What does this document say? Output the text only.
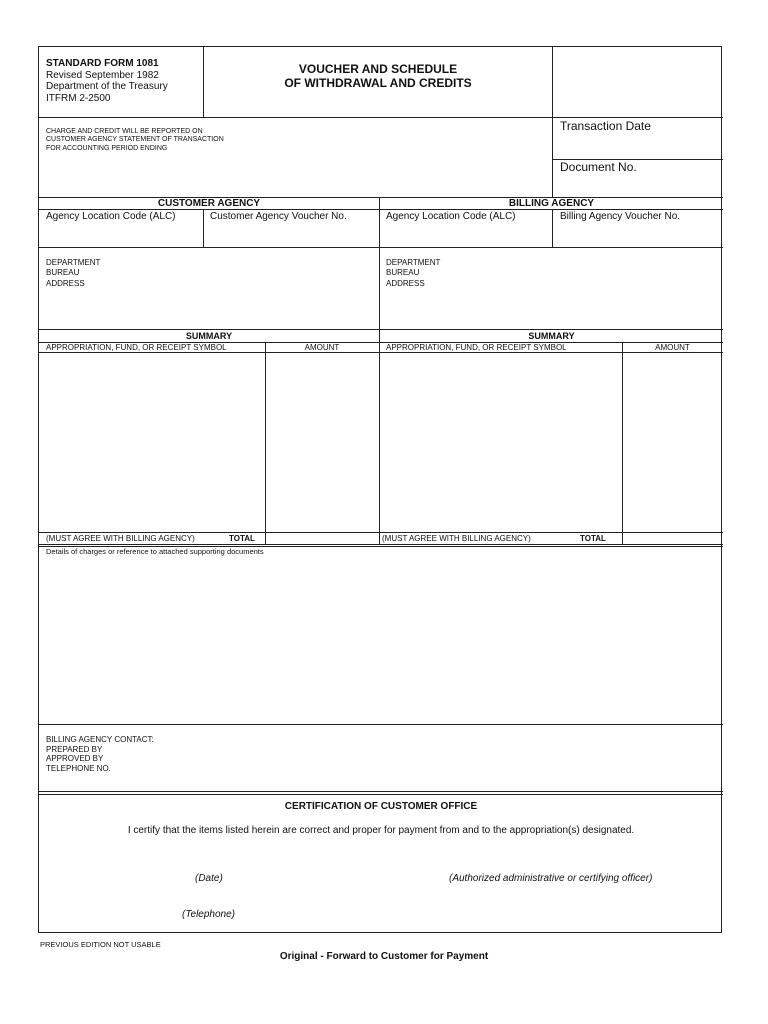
STANDARD FORM 1081
Revised September 1982
Department of the Treasury
ITFRM 2-2500
VOUCHER AND SCHEDULE
OF WITHDRAWAL AND CREDITS
CHARGE AND CREDIT WILL BE REPORTED ON
CUSTOMER AGENCY STATEMENT OF TRANSACTION
FOR ACCOUNTING PERIOD ENDING
Transaction Date
Document No.
CUSTOMER AGENCY	BILLING AGENCY
Agency Location Code (ALC)	Customer Agency Voucher No.	Agency Location Code (ALC)	Billing Agency Voucher No.
DEPARTMENT
BUREAU
ADDRESS
DEPARTMENT
BUREAU
ADDRESS
SUMMARY	SUMMARY
APPROPRIATION, FUND, OR RECEIPT SYMBOL	AMOUNT	APPROPRIATION, FUND, OR RECEIPT SYMBOL	AMOUNT
(MUST AGREE WITH BILLING AGENCY)	TOTAL	(MUST AGREE WITH BILLING AGENCY)	TOTAL
Details of charges or reference to attached supporting documents
BILLING AGENCY CONTACT:
PREPARED BY
APPROVED BY
TELEPHONE NO.
CERTIFICATION OF CUSTOMER OFFICE
I certify that the items listed herein are correct and proper for payment from and to the appropriation(s) designated.
(Date)	(Authorized administrative or certifying officer)
(Telephone)
PREVIOUS EDITION NOT USABLE
Original - Forward to Customer for Payment
